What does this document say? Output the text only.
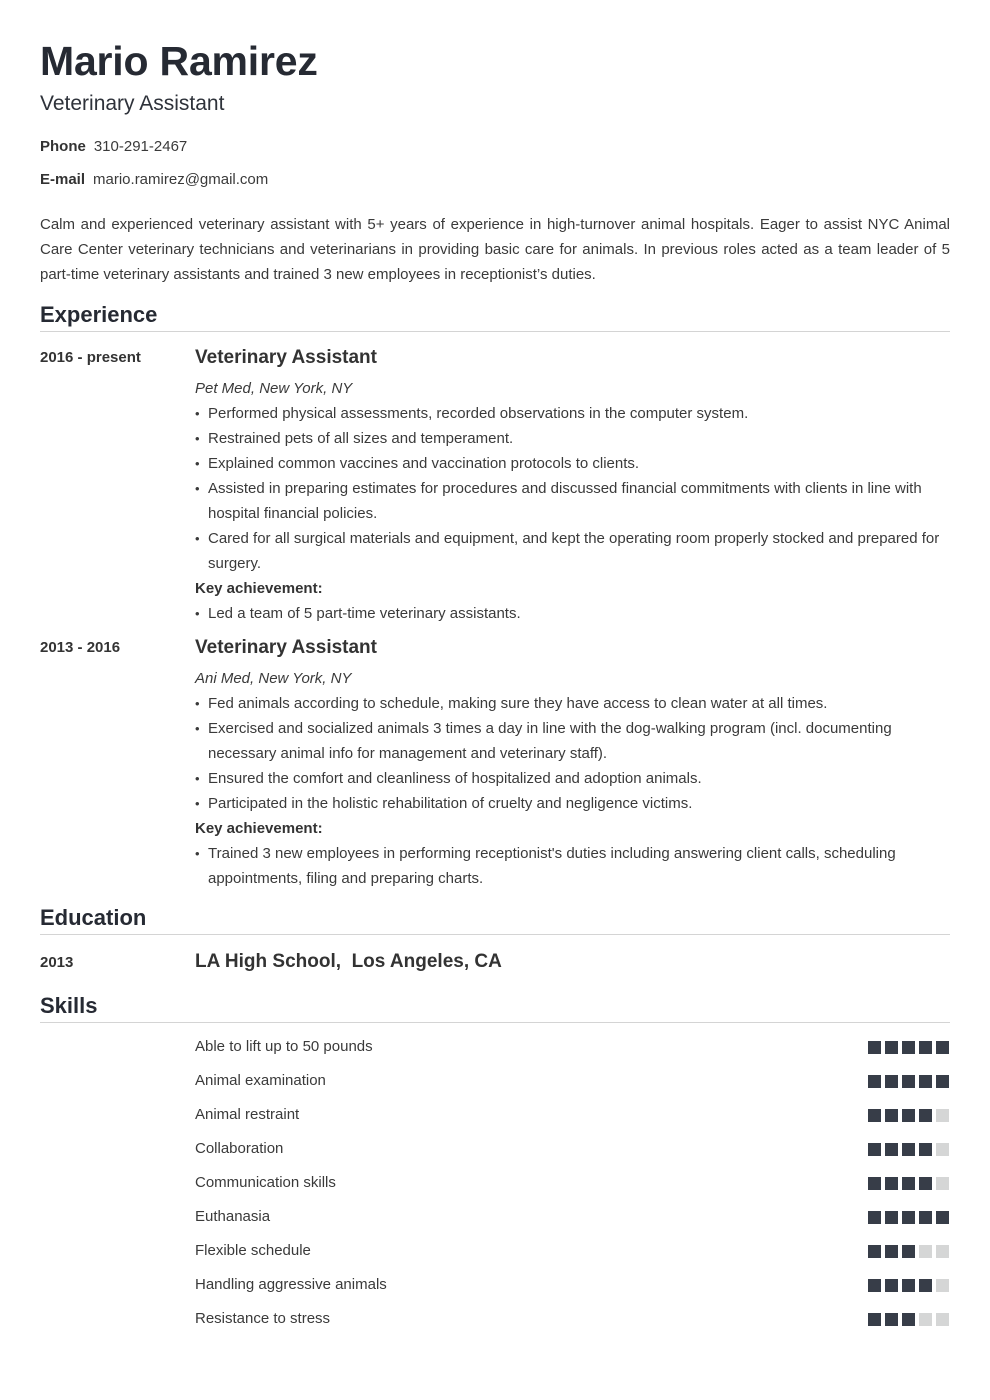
Mario Ramirez
Veterinary Assistant
Phone 310-291-2467
E-mail mario.ramirez@gmail.com

Calm and experienced veterinary assistant with 5+ years of experience in high-turnover animal hospitals. Eager to assist NYC Animal Care Center veterinary technicians and veterinarians in providing basic care for animals. In previous roles acted as a team leader of 5 part-time veterinary assistants and trained 3 new employees in receptionist’s duties.

Experience
2016 - present	Veterinary Assistant
Pet Med, New York, NY
• Performed physical assessments, recorded observations in the computer system.
• Restrained pets of all sizes and temperament.
• Explained common vaccines and vaccination protocols to clients.
• Assisted in preparing estimates for procedures and discussed financial commitments with clients in line with hospital financial policies.
• Cared for all surgical materials and equipment, and kept the operating room properly stocked and prepared for surgery.
Key achievement:
• Led a team of 5 part-time veterinary assistants.
2013 - 2016	Veterinary Assistant
Ani Med, New York, NY
• Fed animals according to schedule, making sure they have access to clean water at all times.
• Exercised and socialized animals 3 times a day in line with the dog-walking program (incl. documenting necessary animal info for management and veterinary staff).
• Ensured the comfort and cleanliness of hospitalized and adoption animals.
• Participated in the holistic rehabilitation of cruelty and negligence victims.
Key achievement:
• Trained 3 new employees in performing receptionist's duties including answering client calls, scheduling appointments, filing and preparing charts.
Education
2013	LA High School,  Los Angeles, CA
Skills
Able to lift up to 50 pounds
Animal examination
Animal restraint
Collaboration
Communication skills
Euthanasia
Flexible schedule
Handling aggressive animals
Resistance to stress
